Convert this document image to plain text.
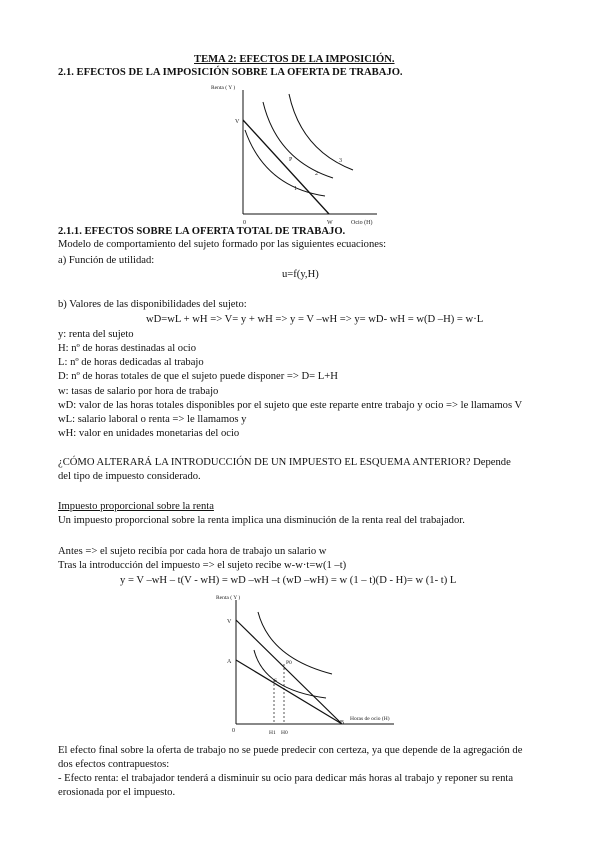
TEMA 2: EFECTOS DE LA IMPOSICIÓN.
2.1. EFECTOS DE LA IMPOSICIÓN SOBRE LA OFERTA DE TRABAJO.
Renta ( Y )
V
0	W	Ocio (H)
P
1
2
3
2.1.1. EFECTOS SOBRE LA OFERTA TOTAL DE TRABAJO.
Modelo de comportamiento del sujeto formado por las siguientes ecuaciones:
a) Función de utilidad:
u=f(y,H)
b) Valores de las disponibilidades del sujeto:
wD=wL + wH => V= y + wH => y = V –wH => y= wD- wH = w(D –H) = w·L
y: renta del sujeto
H: nº de horas destinadas al ocio
L: nº de horas dedicadas al trabajo
D: nº de horas totales de que el sujeto puede disponer => D= L+H
w: tasas de salario por hora de trabajo
wD: valor de las horas totales disponibles por el sujeto que este reparte entre trabajo y ocio => le llamamos V
wL: salario laboral o renta => le llamamos y
wH: valor en unidades monetarias del ocio
¿CÓMO ALTERARÁ LA INTRODUCCIÓN DE UN IMPUESTO EL ESQUEMA ANTERIOR? Depende
del tipo de impuesto considerado.
Impuesto proporcional sobre la renta
Un impuesto proporcional sobre la renta implica una disminución de la renta real del trabajador.
Antes => el sujeto recibía por cada hora de trabajo un salario w
Tras la introducción del impuesto => el sujeto recibe w-w·t=w(1 –t)
y = V –wH – t(V - wH) = wD –wH –t (wD –wH) = w (1 – t)(D - H)= w (1- t) L
Renta ( Y )
V
A
0	H1 H0
B
Horas de ocio (H)
P0
S
El efecto final sobre la oferta de trabajo no se puede predecir con certeza, ya que depende de la agregación de
dos efectos contrapuestos:
- Efecto renta: el trabajador tenderá a disminuir su ocio para dedicar más horas al trabajo y reponer su renta
erosionada por el impuesto.
